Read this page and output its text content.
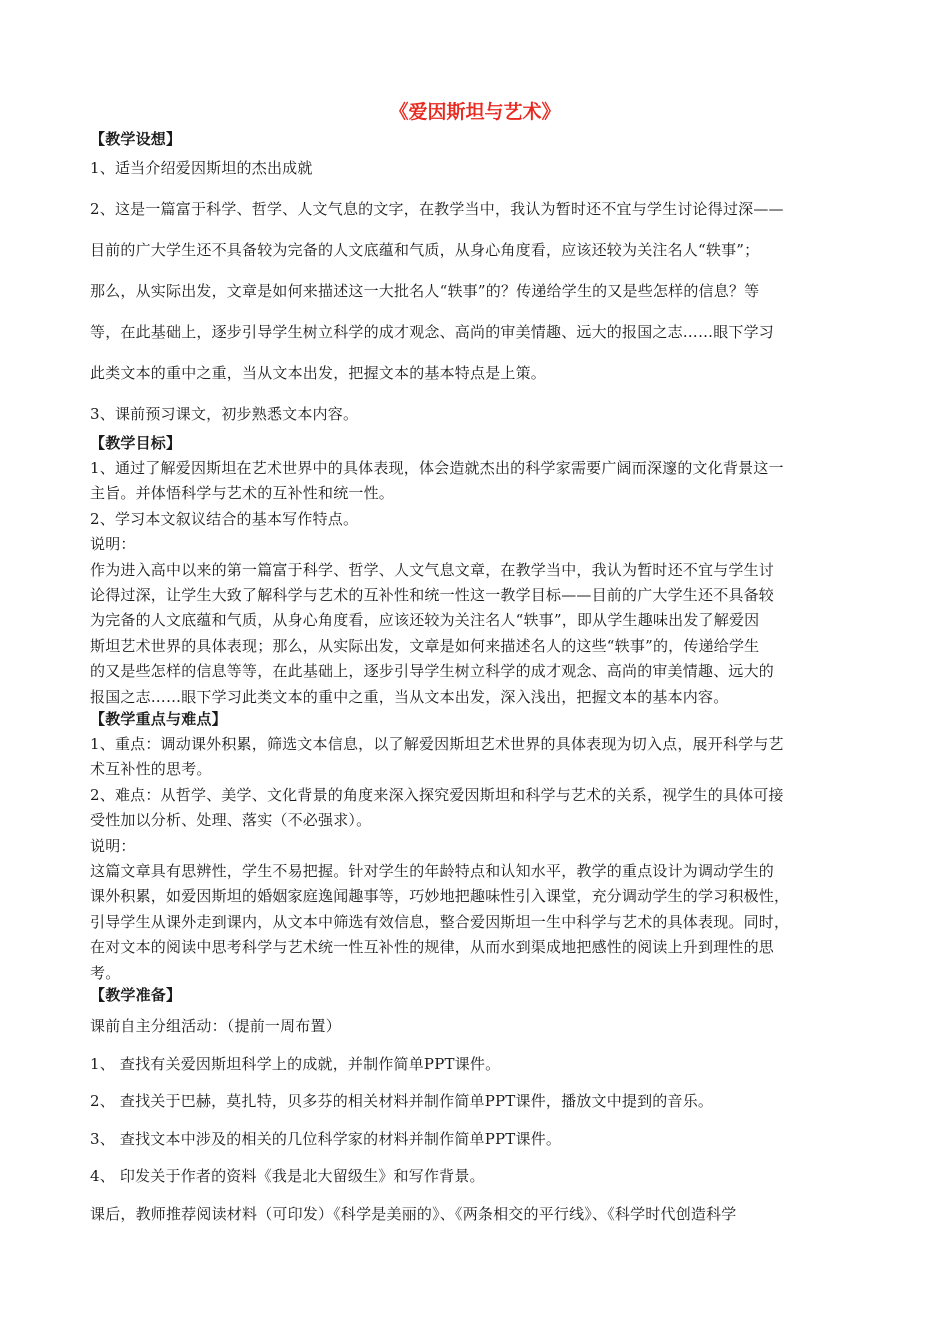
《爱因斯坦与艺术》
【教学设想】
1、适当介绍爱因斯坦的杰出成就
2、这是一篇富于科学、哲学、人文气息的文字，在教学当中，我认为暂时还不宜与学生讨论得过深——
目前的广大学生还不具备较为完备的人文底蕴和气质，从身心角度看，应该还较为关注名人“轶事”；
那么，从实际出发，文章是如何来描述这一大批名人“轶事”的？传递给学生的又是些怎样的信息？等
等，在此基础上，逐步引导学生树立科学的成才观念、高尚的审美情趣、远大的报国之志……眼下学习
此类文本的重中之重，当从文本出发，把握文本的基本特点是上策。
3、课前预习课文，初步熟悉文本内容。
【教学目标】
1、通过了解爱因斯坦在艺术世界中的具体表现，体会造就杰出的科学家需要广阔而深邃的文化背景这一
主旨。并体悟科学与艺术的互补性和统一性。
2、学习本文叙议结合的基本写作特点。
说明：
作为进入高中以来的第一篇富于科学、哲学、人文气息文章，在教学当中，我认为暂时还不宜与学生讨
论得过深，让学生大致了解科学与艺术的互补性和统一性这一教学目标——目前的广大学生还不具备较
为完备的人文底蕴和气质，从身心角度看，应该还较为关注名人“轶事”，即从学生趣味出发了解爱因
斯坦艺术世界的具体表现；那么，从实际出发，文章是如何来描述名人的这些“轶事”的，传递给学生
的又是些怎样的信息等等，在此基础上，逐步引导学生树立科学的成才观念、高尚的审美情趣、远大的
报国之志……眼下学习此类文本的重中之重，当从文本出发，深入浅出，把握文本的基本内容。
【教学重点与难点】
1、重点：调动课外积累，筛选文本信息，以了解爱因斯坦艺术世界的具体表现为切入点，展开科学与艺
术互补性的思考。
2、难点：从哲学、美学、文化背景的角度来深入探究爱因斯坦和科学与艺术的关系，视学生的具体可接
受性加以分析、处理、落实（不必强求）。
说明：
这篇文章具有思辨性，学生不易把握。针对学生的年龄特点和认知水平，教学的重点设计为调动学生的
课外积累，如爱因斯坦的婚姻家庭逸闻趣事等，巧妙地把趣味性引入课堂，充分调动学生的学习积极性，
引导学生从课外走到课内，从文本中筛选有效信息，整合爱因斯坦一生中科学与艺术的具体表现。同时，
在对文本的阅读中思考科学与艺术统一性互补性的规律，从而水到渠成地把感性的阅读上升到理性的思
考。
【教学准备】
课前自主分组活动：（提前一周布置）
1、 查找有关爱因斯坦科学上的成就，并制作简单PPT课件。
2、 查找关于巴赫，莫扎特，贝多芬的相关材料并制作简单PPT课件，播放文中提到的音乐。
3、 查找文本中涉及的相关的几位科学家的材料并制作简单PPT课件。
4、 印发关于作者的资料《我是北大留级生》和写作背景。
课后，教师推荐阅读材料（可印发）《科学是美丽的》、《两条相交的平行线》、《科学时代创造科学
